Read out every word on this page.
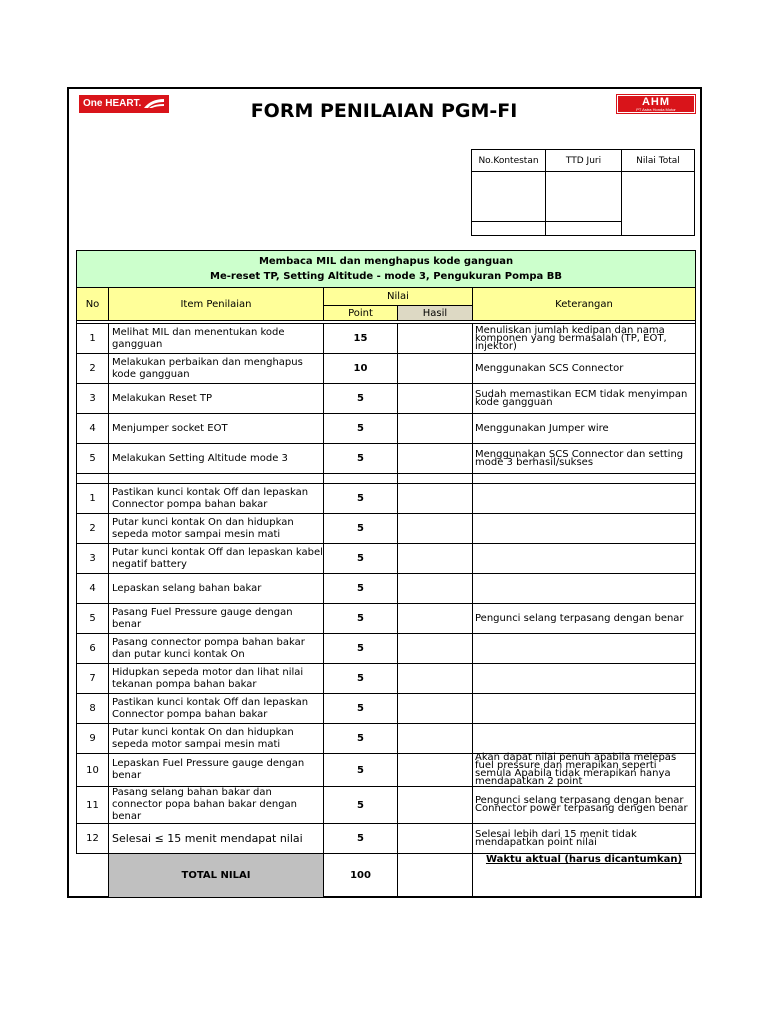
One HEART.	AHM
PT Astra Honda Motor
FORM PENILAIAN PGM-FI
No.Kontestan	TTD Juri	Nilai Total

Membaca MIL dan menghapus kode ganguan
Me-reset TP, Setting Altitude - mode 3, Pengukuran Pompa BB				

No	Item Penilaian	Nilai		Keterangan
		Point	Hasil	

1	Melihat MIL dan menentukan kode gangguan	15		Menuliskan jumlah kedipan dan nama komponen yang bermasalah (TP, EOT, injektor)
2	Melakukan perbaikan dan menghapus kode gangguan	10		Menggunakan SCS Connector
3	Melakukan Reset TP	5		Sudah memastikan ECM tidak menyimpan kode gangguan
4	Menjumper socket EOT	5		Menggunakan Jumper wire
5	Melakukan Setting Altitude mode 3	5		Menggunakan SCS Connector dan setting mode 3 berhasil/sukses

1	Pastikan kunci kontak Off dan lepaskan Connector pompa bahan bakar	5		
2	Putar kunci kontak On dan hidupkan sepeda motor sampai mesin mati	5		
3	Putar kunci kontak Off dan lepaskan kabel negatif battery	5		
4	Lepaskan selang bahan bakar	5		
5	Pasang Fuel Pressure gauge dengan benar	5		Pengunci selang terpasang dengan benar
6	Pasang connector pompa bahan bakar dan putar kunci kontak On	5		
7	Hidupkan sepeda motor dan lihat nilai tekanan pompa bahan bakar	5		
8	Pastikan kunci kontak Off dan lepaskan Connector pompa bahan bakar	5		
9	Putar kunci kontak On dan hidupkan sepeda motor sampai mesin mati	5		
10	Lepaskan Fuel Pressure gauge dengan benar	5		Akan dapat nilai penuh apabila melepas fuel pressure dan merapikan seperti semula Apabila tidak merapikan hanya mendapatkan 2 point
11	Pasang selang bahan bakar dan connector popa bahan bakar dengan benar	5		Pengunci selang terpasang dengan benar Connector power terpasang dengen benar
12	Selesai ≤ 15 menit mendapat nilai	5		Selesai lebih dari 15 menit tidak mendapatkan point nilai
	TOTAL NILAI	100		Waktu aktual (harus dicantumkan)
